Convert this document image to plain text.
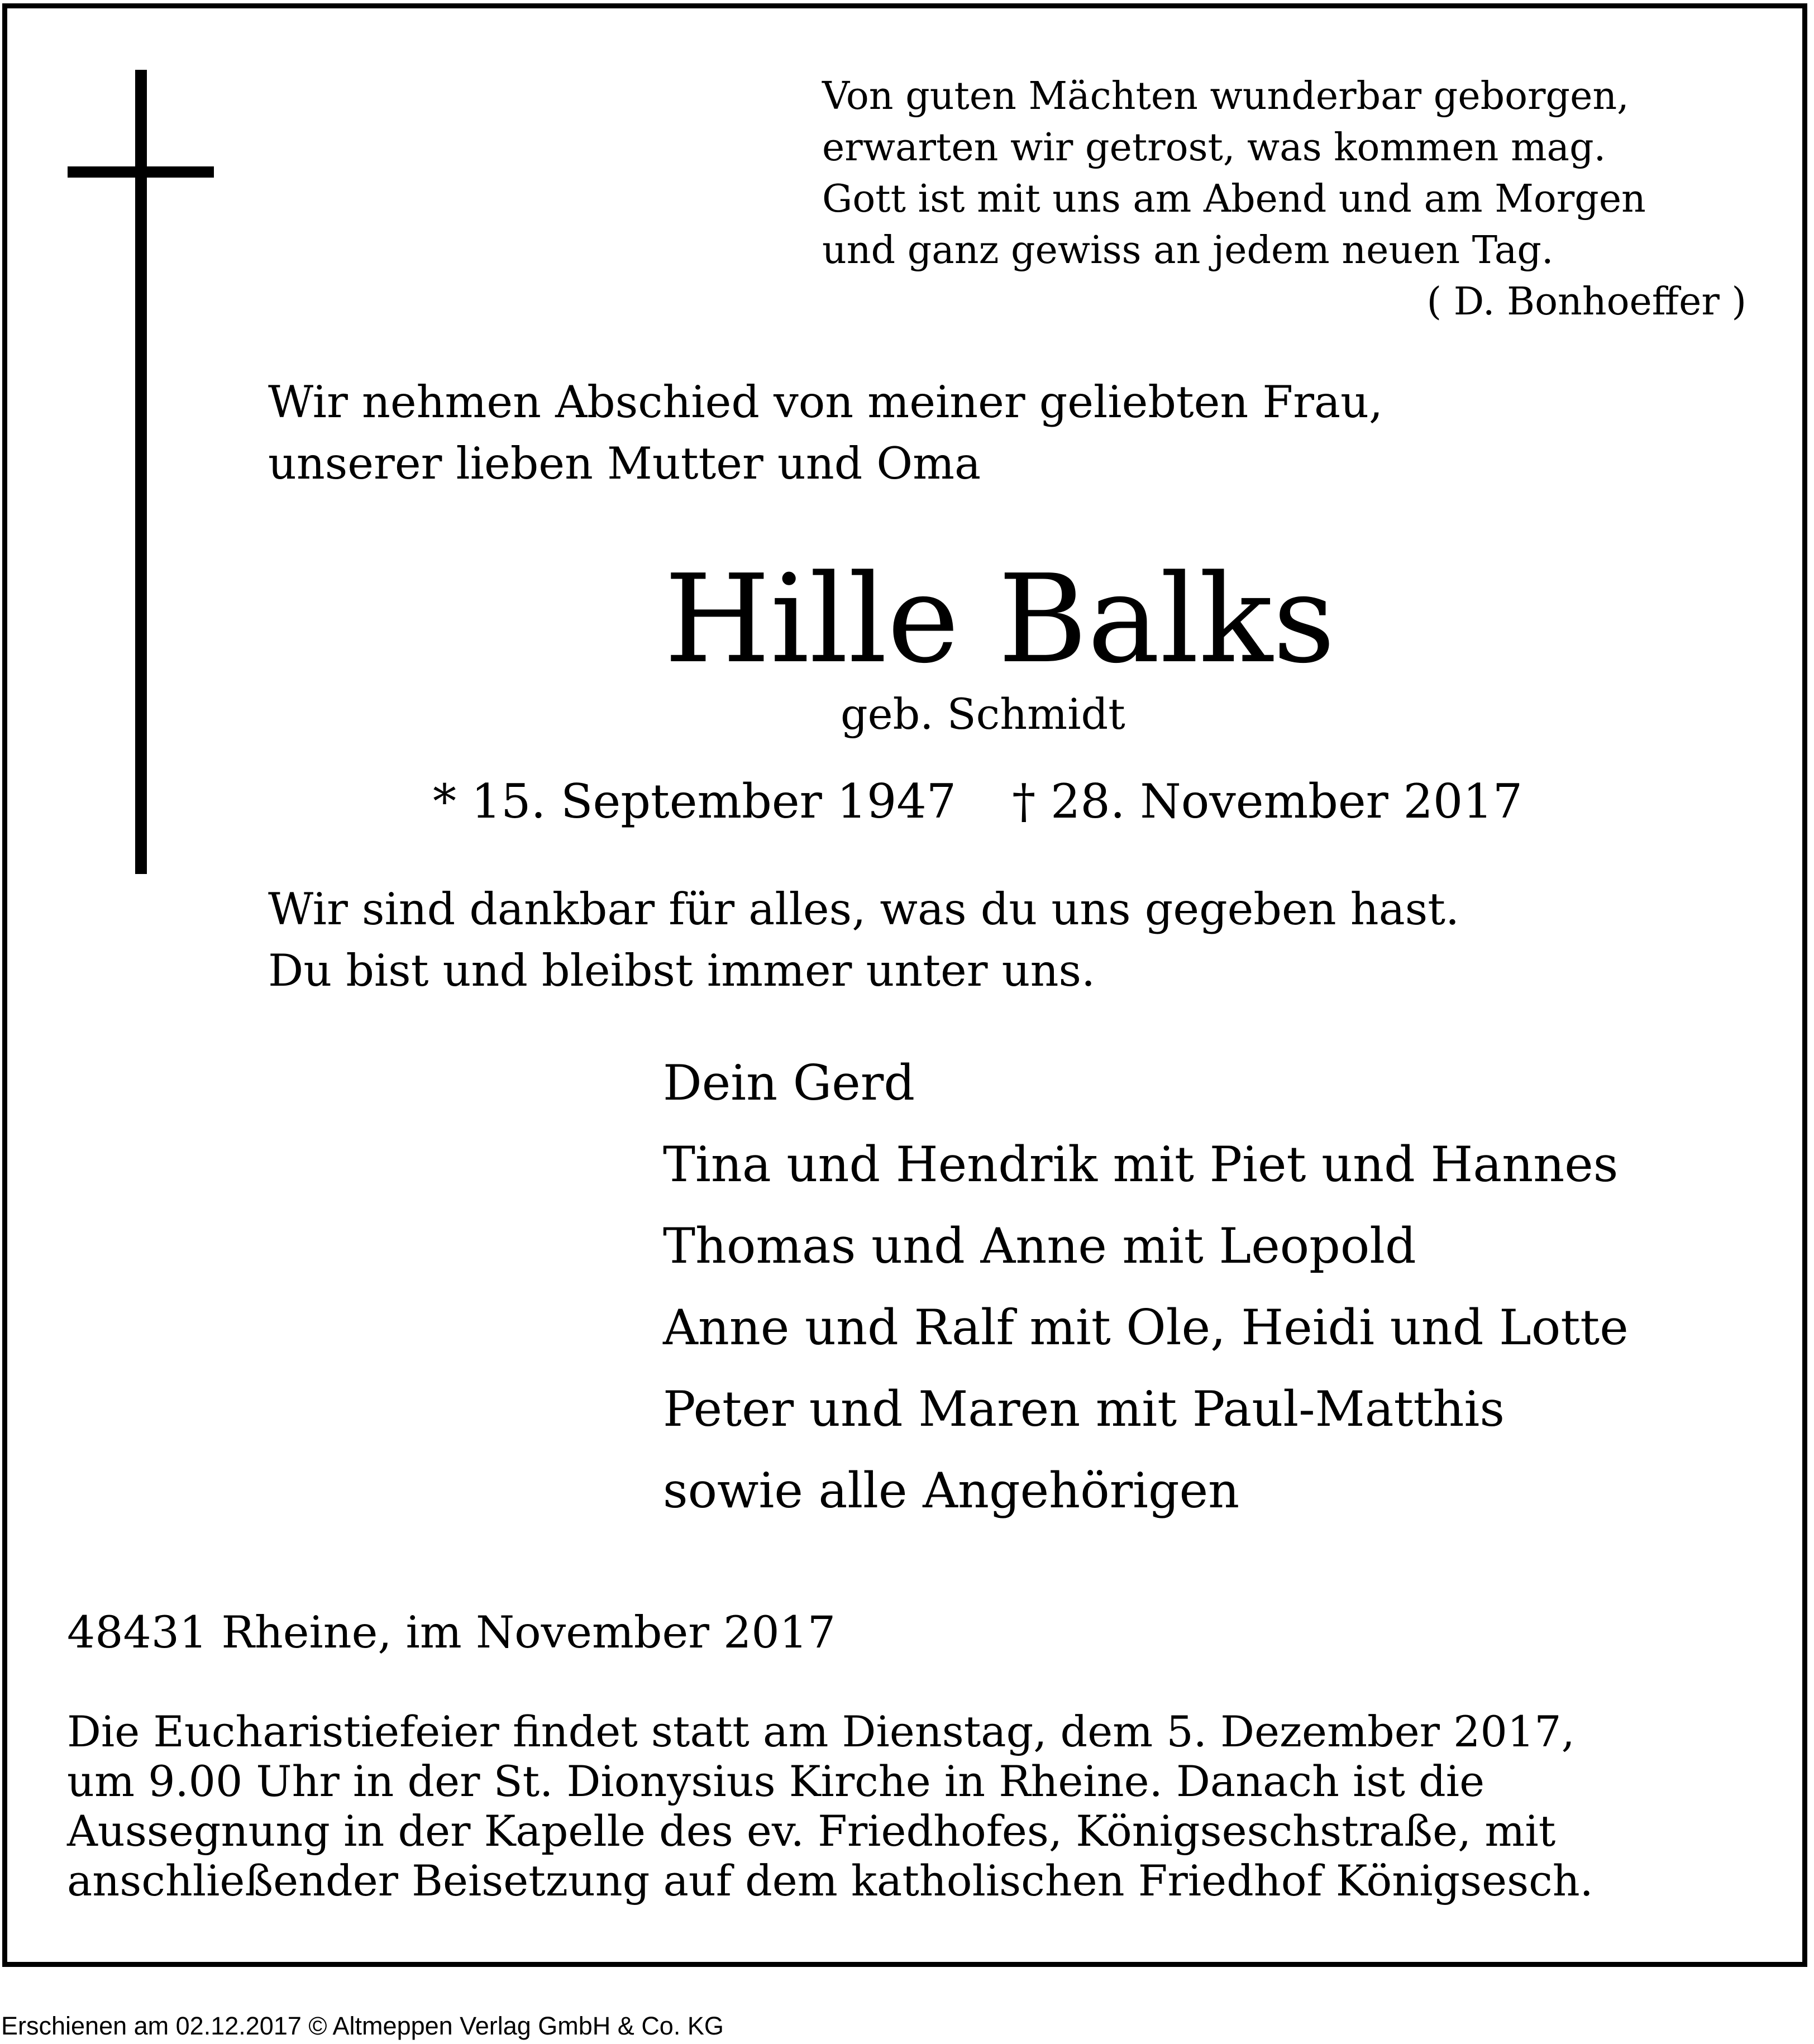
Von guten Mächten wunderbar geborgen,
erwarten wir getrost, was kommen mag.
Gott ist mit uns am Abend und am Morgen
und ganz gewiss an jedem neuen Tag.
( D. Bonhoeffer )
Wir nehmen Abschied von meiner geliebten Frau,
unserer lieben Mutter und Oma
Hille Balks
geb. Schmidt
* 15. September 1947 † 28. November 2017
Wir sind dankbar für alles, was du uns gegeben hast.
Du bist und bleibst immer unter uns.
Dein Gerd
Tina und Hendrik mit Piet und Hannes
Thomas und Anne mit Leopold
Anne und Ralf mit Ole, Heidi und Lotte
Peter und Maren mit Paul-Matthis
sowie alle Angehörigen
48431 Rheine, im November 2017
Die Eucharistiefeier findet statt am Dienstag, dem 5. Dezember 2017,
um 9.00 Uhr in der St. Dionysius Kirche in Rheine. Danach ist die
Aussegnung in der Kapelle des ev. Friedhofes, Königseschstraße, mit
anschließender Beisetzung auf dem katholischen Friedhof Königsesch.
Erschienen am 02.12.2017 © Altmeppen Verlag GmbH & Co. KG
